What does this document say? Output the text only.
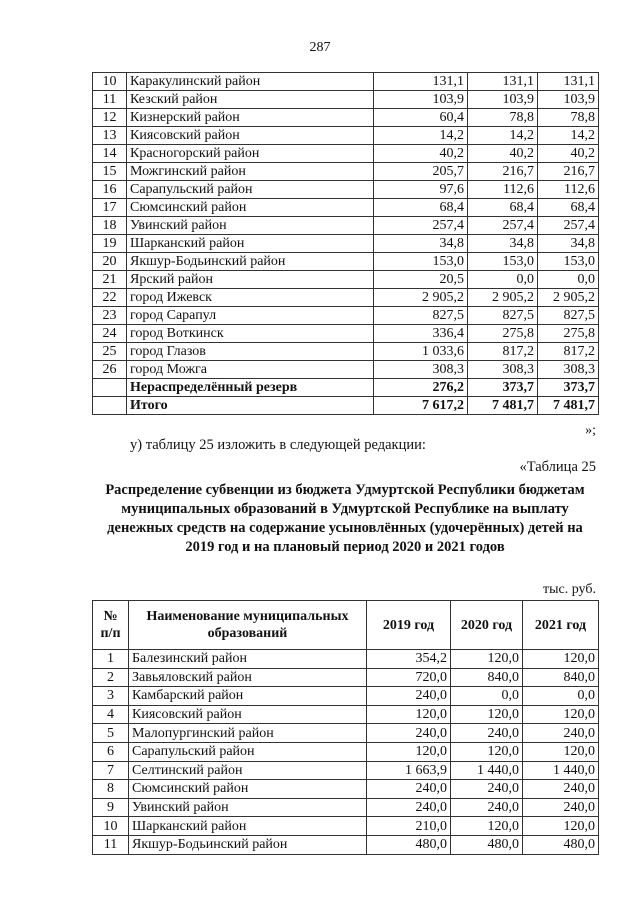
287
10	Каракулинский район	131,1	131,1	131,1
11	Кезский район	103,9	103,9	103,9
12	Кизнерский район	60,4	78,8	78,8
13	Киясовский район	14,2	14,2	14,2
14	Красногорский район	40,2	40,2	40,2
15	Можгинский район	205,7	216,7	216,7
16	Сарапульский район	97,6	112,6	112,6
17	Сюмсинский район	68,4	68,4	68,4
18	Увинский район	257,4	257,4	257,4
19	Шарканский район	34,8	34,8	34,8
20	Якшур-Бодьинский район	153,0	153,0	153,0
21	Ярский район	20,5	0,0	0,0
22	город Ижевск	2 905,2	2 905,2	2 905,2
23	город Сарапул	827,5	827,5	827,5
24	город Воткинск	336,4	275,8	275,8
25	город Глазов	1 033,6	817,2	817,2
26	город Можга	308,3	308,3	308,3
	Нераспределённый резерв	276,2	373,7	373,7
	Итого	7 617,2	7 481,7	7 481,7
»;
у) таблицу 25 изложить в следующей редакции:
«Таблица 25
Распределение субвенции из бюджета Удмуртской Республики бюджетам муниципальных образований в Удмуртской Республике на выплату денежных средств на содержание усыновлённых (удочерённых) детей на 2019 год и на плановый период 2020 и 2021 годов
тыс. руб.
№ п/п	Наименование муниципальных образований	2019 год	2020 год	2021 год
1	Балезинский район	354,2	120,0	120,0
2	Завьяловский район	720,0	840,0	840,0
3	Камбарский район	240,0	0,0	0,0
4	Киясовский район	120,0	120,0	120,0
5	Малопургинский район	240,0	240,0	240,0
6	Сарапульский район	120,0	120,0	120,0
7	Селтинский район	1 663,9	1 440,0	1 440,0
8	Сюмсинский район	240,0	240,0	240,0
9	Увинский район	240,0	240,0	240,0
10	Шарканский район	210,0	120,0	120,0
11	Якшур-Бодьинский район	480,0	480,0	480,0
